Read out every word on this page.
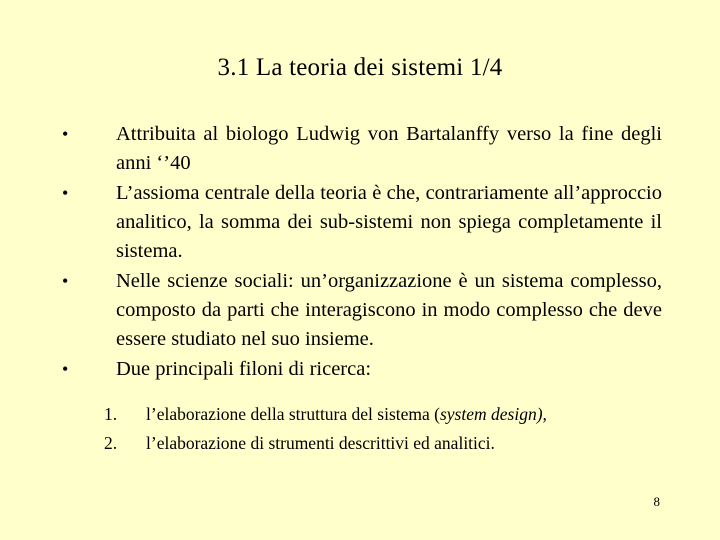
3.1 La teoria dei sistemi 1/4
• Attribuita al biologo Ludwig von Bartalanffy verso la fine degli anni ‘’40
• L’assioma centrale della teoria è che, contrariamente all’approccio analitico, la somma dei sub-sistemi non spiega completamente il sistema.
• Nelle scienze sociali: un’organizzazione è un sistema complesso, composto da parti che interagiscono in modo complesso che deve essere studiato nel suo insieme.
• Due principali filoni di ricerca:
1. l’elaborazione della struttura del sistema (system design),
2. l’elaborazione di strumenti descrittivi ed analitici.
8
